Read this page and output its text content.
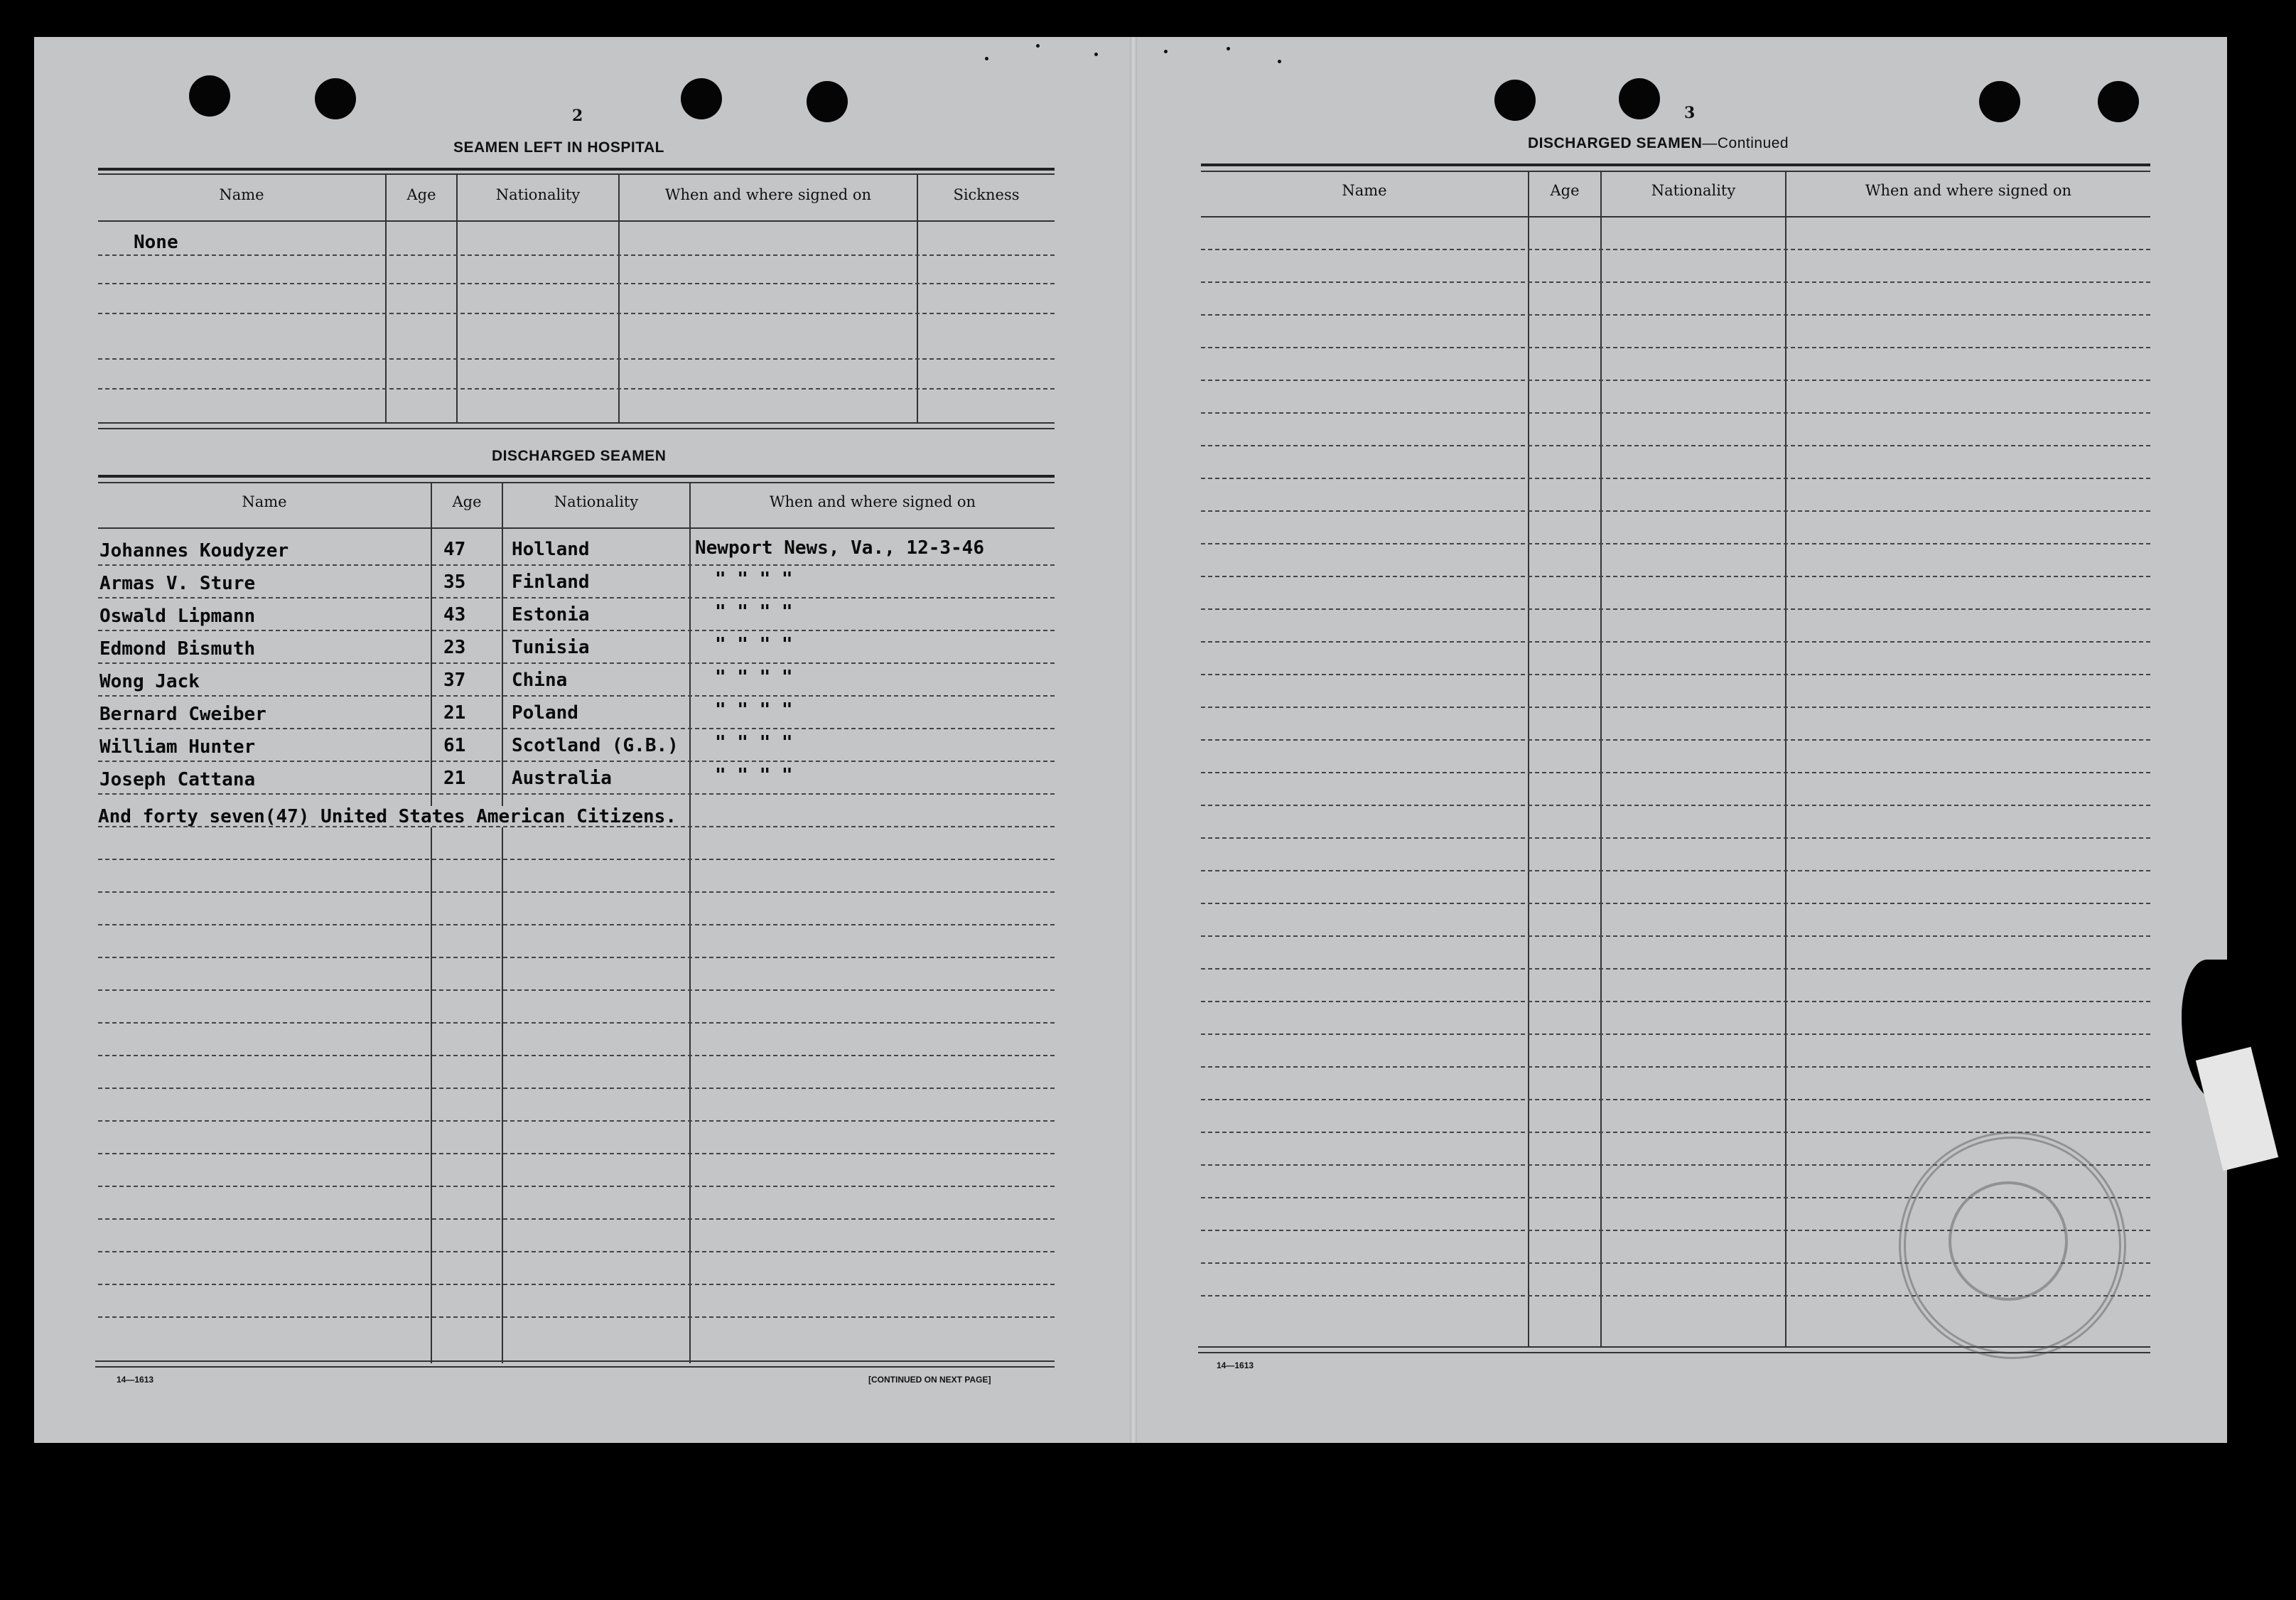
2
SEAMEN LEFT IN HOSPITAL
Name	Age	Nationality	When and where signed on	Sickness
None
DISCHARGED SEAMEN
Name	Age	Nationality	When and where signed on
Johannes Koudyzer	47 Holland	Newport News, Va., 12-3-46
Armas V. Sture	35 Finland	" " " "
Oswald Lipmann	43 Estonia	" " " "
Edmond Bismuth	23 Tunisia	" " " "
Wong Jack	37 China	" " " "
Bernard Cweiber	21 Poland	" " " "
William Hunter	61 Scotland (G.B.) " " " "
Joseph Cattana	21 Australia	" " " "
And forty seven(47) United States American Citizens.
14—1613	[CONTINUED ON NEXT PAGE]
3
DISCHARGED SEAMEN—Continued
Name	Age	Nationality	When and where signed on
14—1613
